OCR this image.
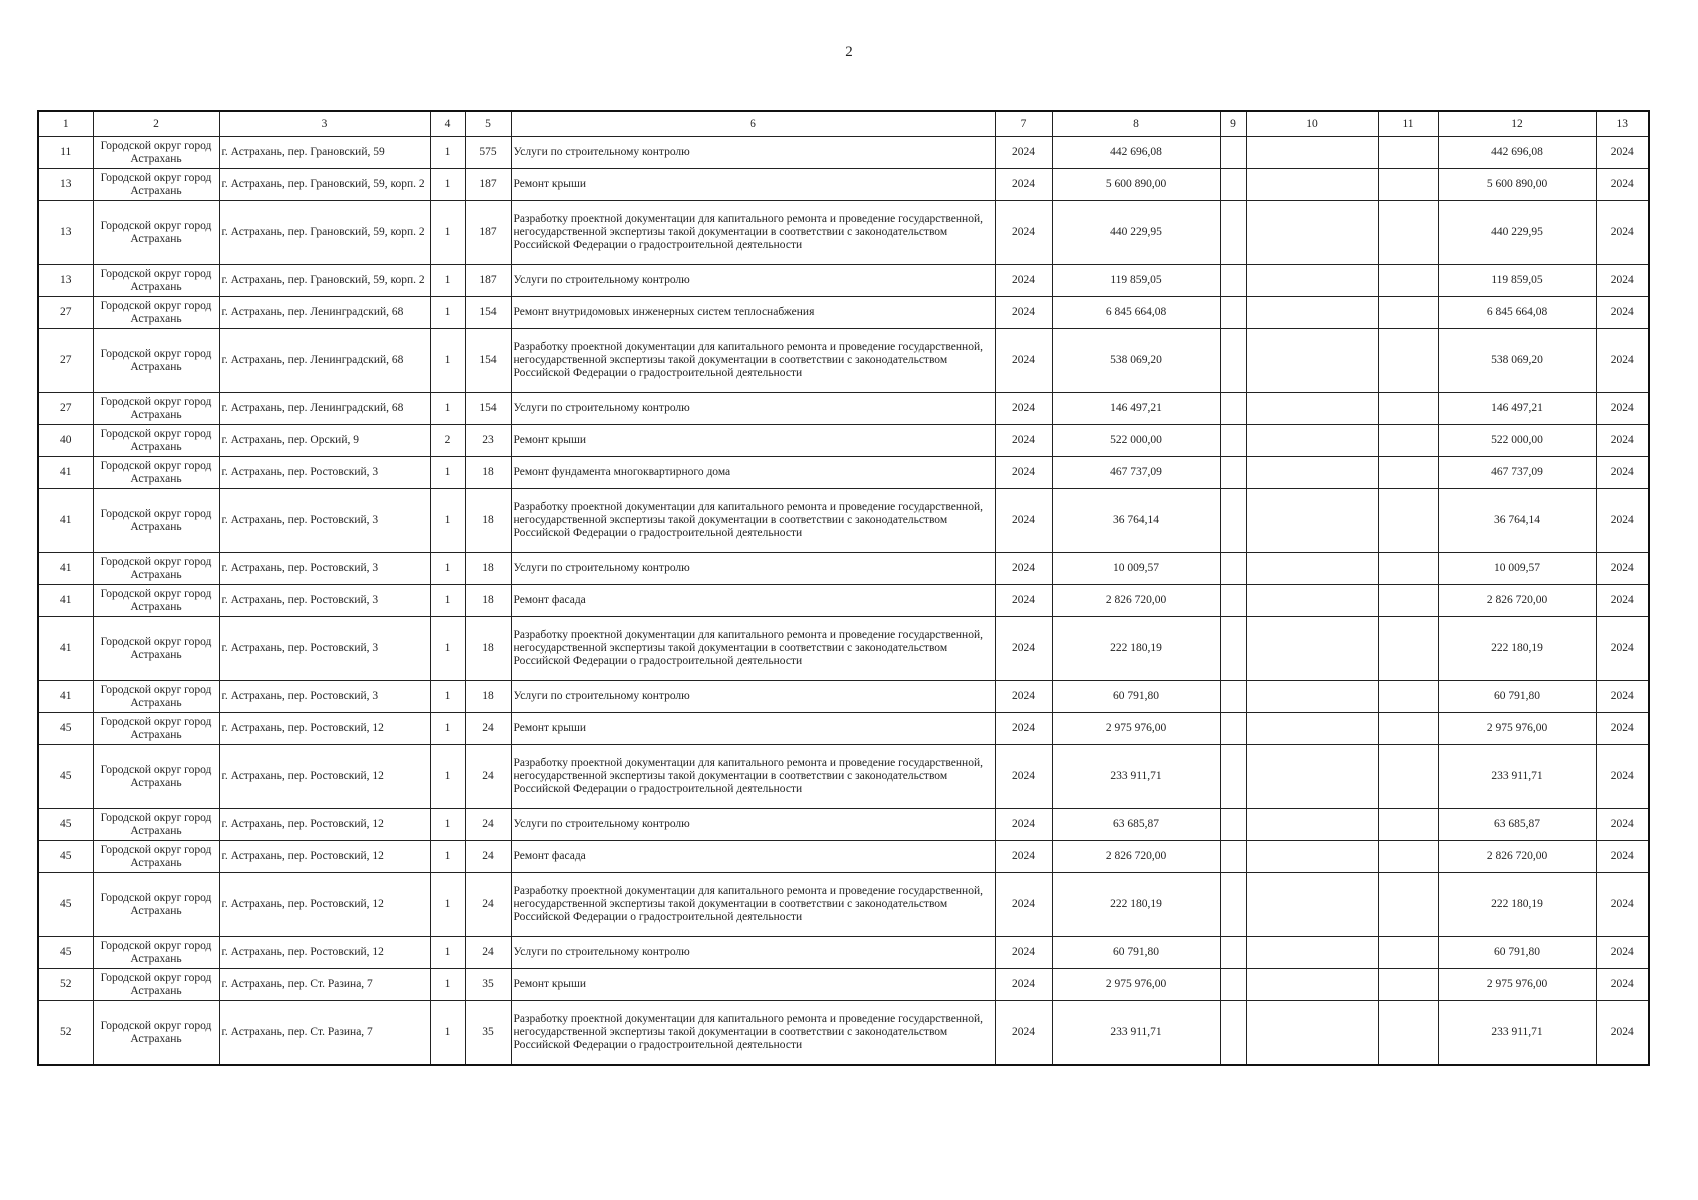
2
1	2	3	4	5	6	7	8	9	10	11	12	13
11	Городской округ город Астрахань	г. Астрахань, пер. Грановский, 59	1	575	Услуги по строительному контролю	2024	442 696,08				442 696,08	2024
13	Городской округ город Астрахань	г. Астрахань, пер. Грановский, 59, корп. 2	1	187	Ремонт крыши	2024	5 600 890,00				5 600 890,00	2024
13	Городской округ город Астрахань	г. Астрахань, пер. Грановский, 59, корп. 2	1	187	Разработку проектной документации для капитального ремонта и проведение государственной, негосударственной экспертизы такой документации в соответствии с законодательством Российской Федерации о градостроительной деятельности	2024	440 229,95				440 229,95	2024
13	Городской округ город Астрахань	г. Астрахань, пер. Грановский, 59, корп. 2	1	187	Услуги по строительному контролю	2024	119 859,05				119 859,05	2024
27	Городской округ город Астрахань	г. Астрахань, пер. Ленинградский, 68	1	154	Ремонт внутридомовых инженерных систем теплоснабжения	2024	6 845 664,08				6 845 664,08	2024
27	Городской округ город Астрахань	г. Астрахань, пер. Ленинградский, 68	1	154	Разработку проектной документации для капитального ремонта и проведение государственной, негосударственной экспертизы такой документации в соответствии с законодательством Российской Федерации о градостроительной деятельности	2024	538 069,20				538 069,20	2024
27	Городской округ город Астрахань	г. Астрахань, пер. Ленинградский, 68	1	154	Услуги по строительному контролю	2024	146 497,21				146 497,21	2024
40	Городской округ город Астрахань	г. Астрахань, пер. Орский, 9	2	23	Ремонт крыши	2024	522 000,00				522 000,00	2024
41	Городской округ город Астрахань	г. Астрахань, пер. Ростовский, 3	1	18	Ремонт фундамента многоквартирного дома	2024	467 737,09				467 737,09	2024
41	Городской округ город Астрахань	г. Астрахань, пер. Ростовский, 3	1	18	Разработку проектной документации для капитального ремонта и проведение государственной, негосударственной экспертизы такой документации в соответствии с законодательством Российской Федерации о градостроительной деятельности	2024	36 764,14				36 764,14	2024
41	Городской округ город Астрахань	г. Астрахань, пер. Ростовский, 3	1	18	Услуги по строительному контролю	2024	10 009,57				10 009,57	2024
41	Городской округ город Астрахань	г. Астрахань, пер. Ростовский, 3	1	18	Ремонт фасада	2024	2 826 720,00				2 826 720,00	2024
41	Городской округ город Астрахань	г. Астрахань, пер. Ростовский, 3	1	18	Разработку проектной документации для капитального ремонта и проведение государственной, негосударственной экспертизы такой документации в соответствии с законодательством Российской Федерации о градостроительной деятельности	2024	222 180,19				222 180,19	2024
41	Городской округ город Астрахань	г. Астрахань, пер. Ростовский, 3	1	18	Услуги по строительному контролю	2024	60 791,80				60 791,80	2024
45	Городской округ город Астрахань	г. Астрахань, пер. Ростовский, 12	1	24	Ремонт крыши	2024	2 975 976,00				2 975 976,00	2024
45	Городской округ город Астрахань	г. Астрахань, пер. Ростовский, 12	1	24	Разработку проектной документации для капитального ремонта и проведение государственной, негосударственной экспертизы такой документации в соответствии с законодательством Российской Федерации о градостроительной деятельности	2024	233 911,71				233 911,71	2024
45	Городской округ город Астрахань	г. Астрахань, пер. Ростовский, 12	1	24	Услуги по строительному контролю	2024	63 685,87				63 685,87	2024
45	Городской округ город Астрахань	г. Астрахань, пер. Ростовский, 12	1	24	Ремонт фасада	2024	2 826 720,00				2 826 720,00	2024
45	Городской округ город Астрахань	г. Астрахань, пер. Ростовский, 12	1	24	Разработку проектной документации для капитального ремонта и проведение государственной, негосударственной экспертизы такой документации в соответствии с законодательством Российской Федерации о градостроительной деятельности	2024	222 180,19				222 180,19	2024
45	Городской округ город Астрахань	г. Астрахань, пер. Ростовский, 12	1	24	Услуги по строительному контролю	2024	60 791,80				60 791,80	2024
52	Городской округ город Астрахань	г. Астрахань, пер. Ст. Разина, 7	1	35	Ремонт крыши	2024	2 975 976,00				2 975 976,00	2024
52	Городской округ город Астрахань	г. Астрахань, пер. Ст. Разина, 7	1	35	Разработку проектной документации для капитального ремонта и проведение государственной, негосударственной экспертизы такой документации в соответствии с законодательством Российской Федерации о градостроительной деятельности	2024	233 911,71				233 911,71	2024
